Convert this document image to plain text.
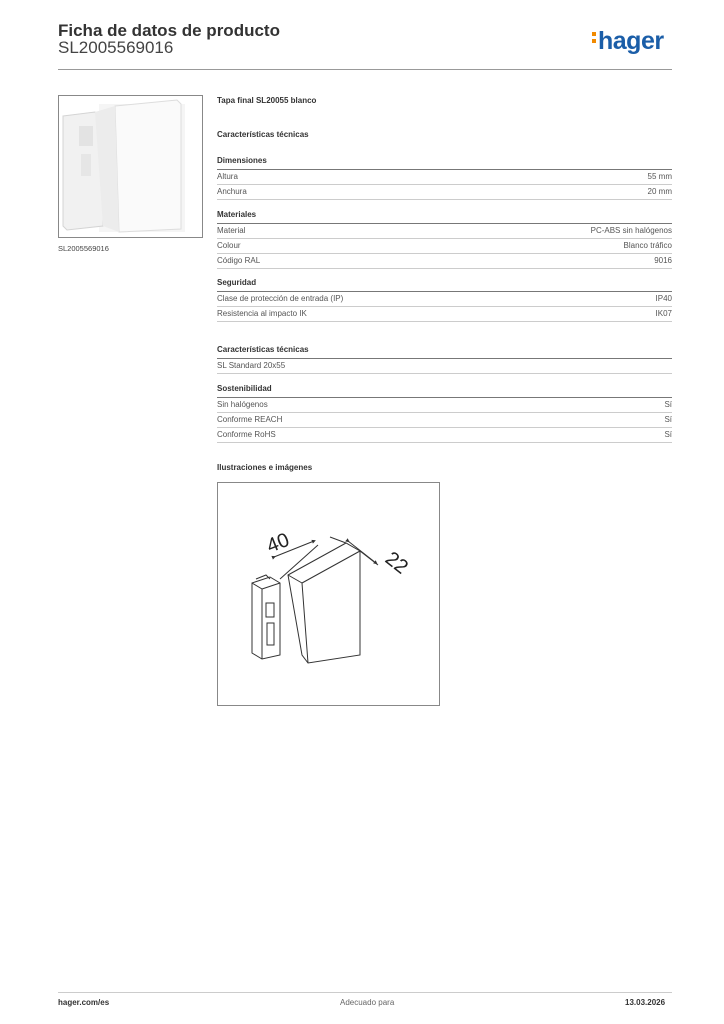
Ficha de datos de producto
SL2005569016	hager
SL2005569016
Tapa final SL20055 blanco
Características técnicas
Dimensiones
Altura	55 mm
Anchura	20 mm
Materiales
Material	PC-ABS sin halógenos
Colour	Blanco tráfico
Código RAL	9016
Seguridad
Clase de protección de entrada (IP)	IP40
Resistencia al impacto IK	IK07
Características técnicas
SL Standard 20x55
Sostenibilidad
Sin halógenos	Sí
Conforme REACH	Sí
Conforme RoHS	Sí
Ilustraciones e imágenes
40
22
hager.com/es	Adecuado para	13.03.2026
